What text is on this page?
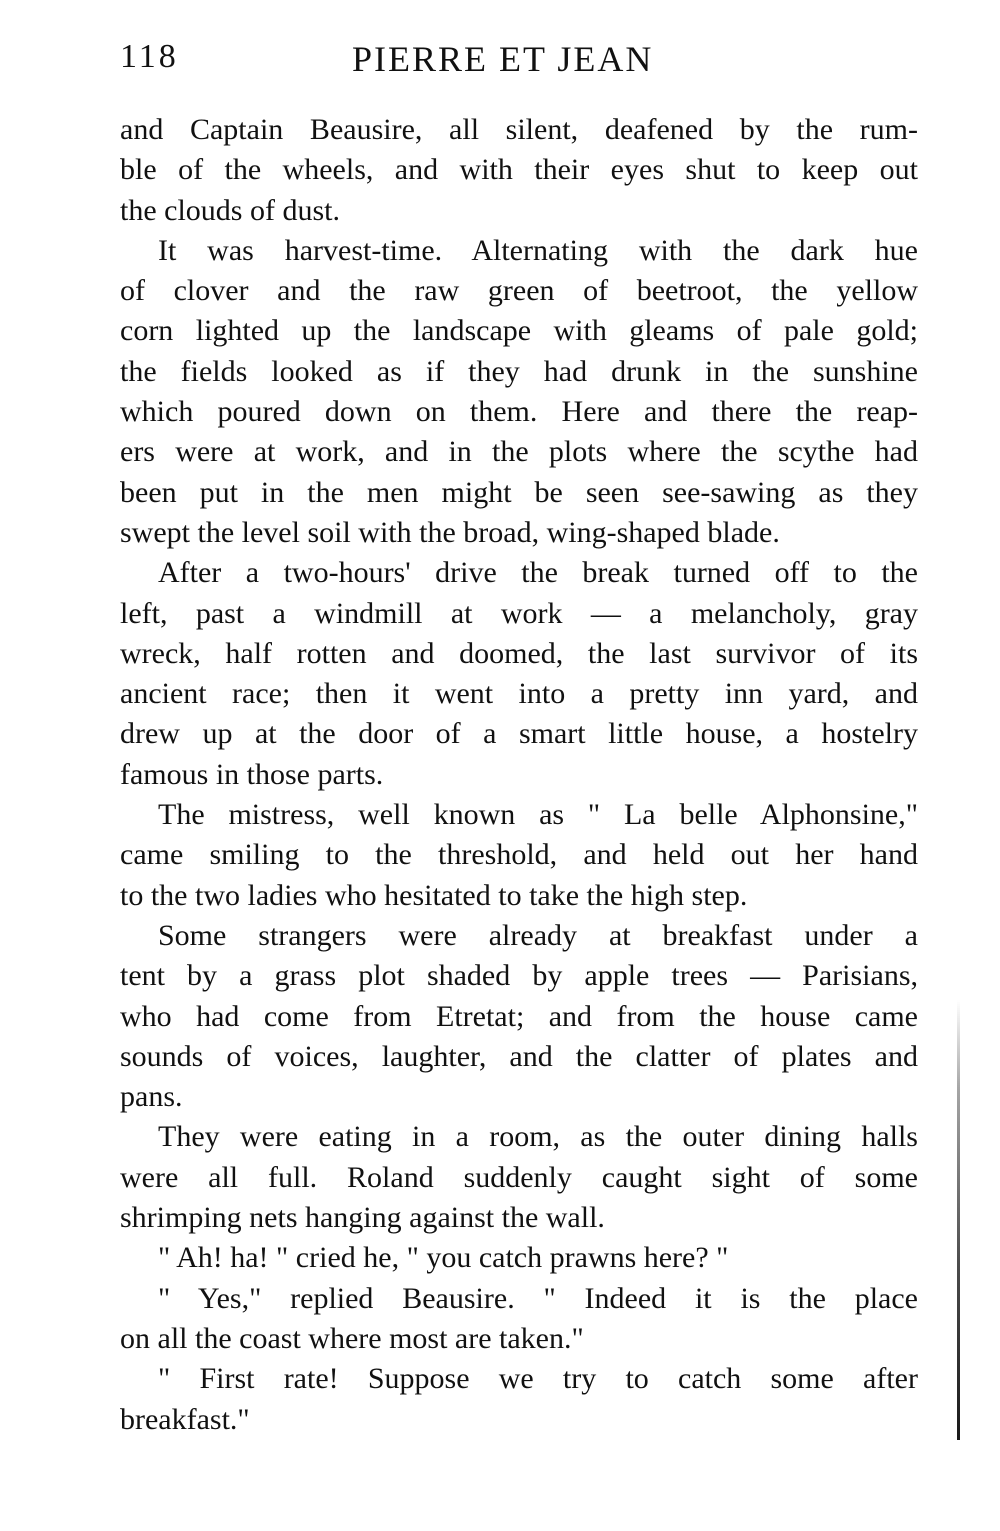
118	PIERRE ET JEAN
and Captain Beausire, all silent, deafened by the rum-
ble of the wheels, and with their eyes shut to keep out
the clouds of dust.
It was harvest-time. Alternating with the dark hue
of clover and the raw green of beetroot, the yellow
corn lighted up the landscape with gleams of pale gold;
the fields looked as if they had drunk in the sunshine
which poured down on them. Here and there the reap-
ers were at work, and in the plots where the scythe had
been put in the men might be seen see-sawing as they
swept the level soil with the broad, wing-shaped blade.
After a two-hours' drive the break turned off to the
left, past a windmill at work — a melancholy, gray
wreck, half rotten and doomed, the last survivor of its
ancient race; then it went into a pretty inn yard, and
drew up at the door of a smart little house, a hostelry
famous in those parts.
The mistress, well known as " La belle Alphonsine,"
came smiling to the threshold, and held out her hand
to the two ladies who hesitated to take the high step.
Some strangers were already at breakfast under a
tent by a grass plot shaded by apple trees — Parisians,
who had come from Etretat; and from the house came
sounds of voices, laughter, and the clatter of plates and
pans.
They were eating in a room, as the outer dining halls
were all full. Roland suddenly caught sight of some
shrimping nets hanging against the wall.
" Ah! ha! " cried he, " you catch prawns here? "
" Yes," replied Beausire. " Indeed it is the place
on all the coast where most are taken."
" First rate! Suppose we try to catch some after
breakfast."
